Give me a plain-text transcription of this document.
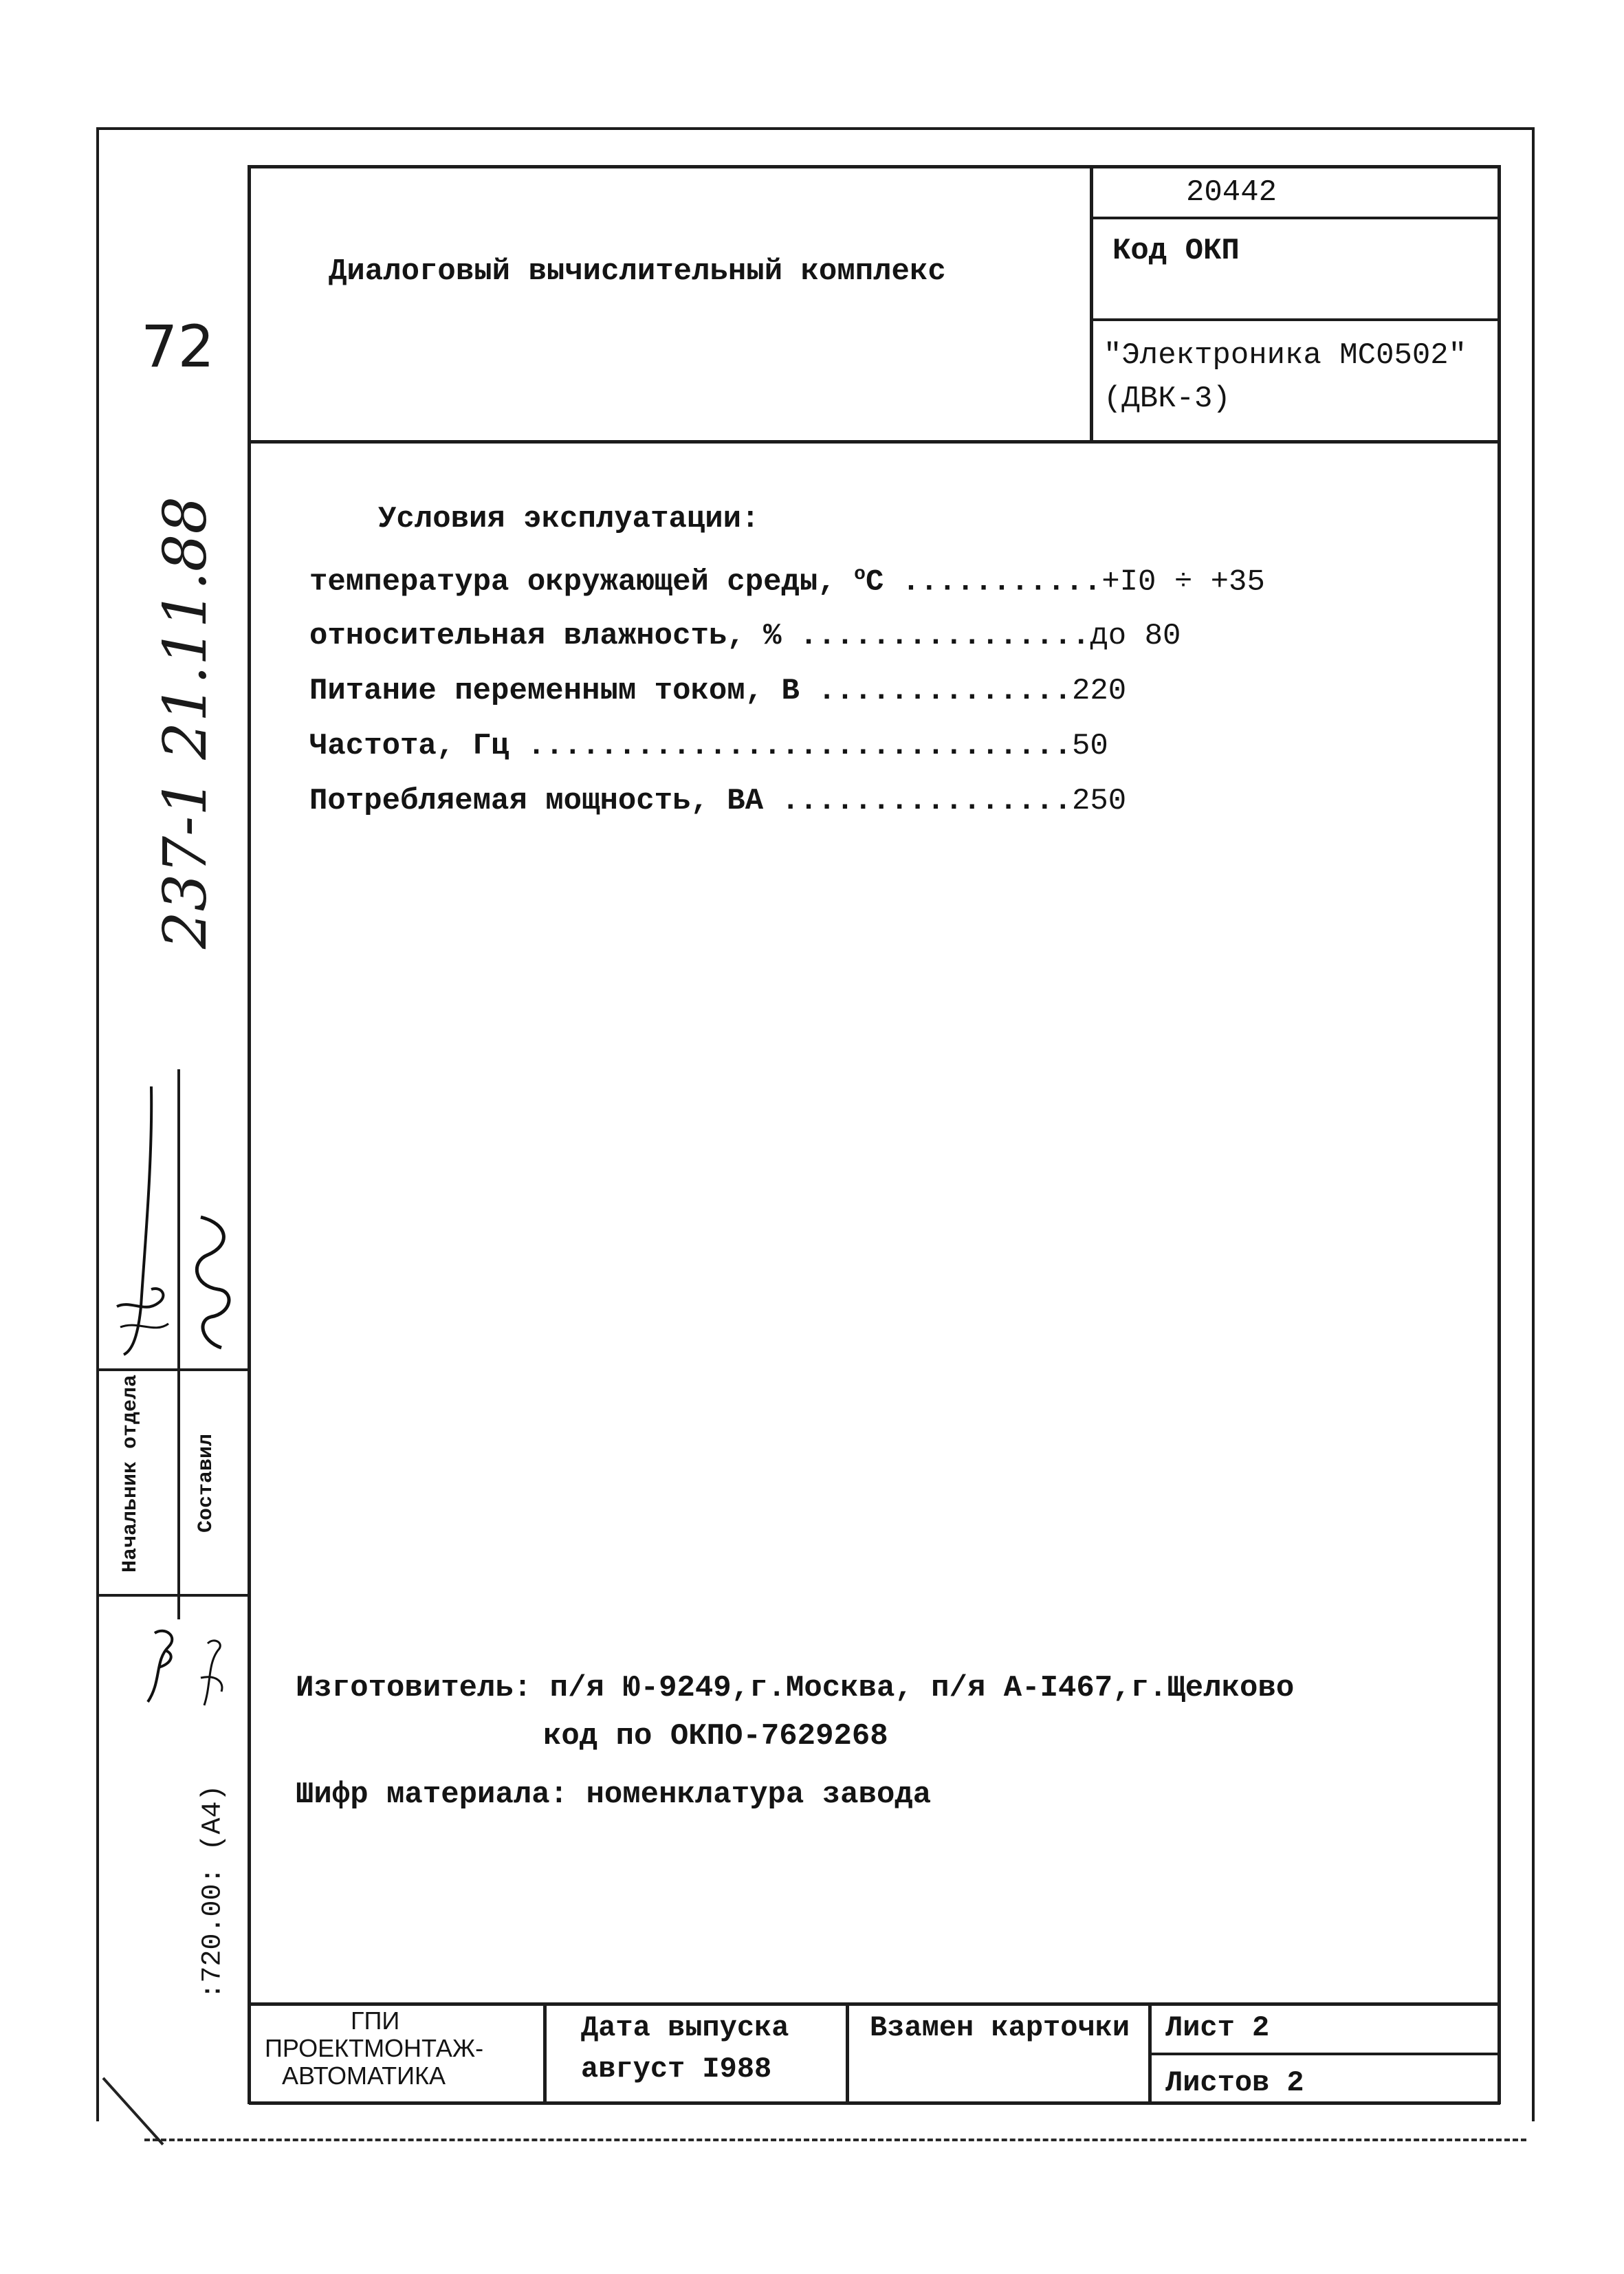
Диалоговый вычислительный комплекс
20442
Код ОКП
"Электроника МС0502"
(ДВК-3)
Условия эксплуатации:
температура окружающей среды, $^o$C ...........+I0 ÷ +35
относительная влажность, % ................до 80
Питание переменным током, В ..............220
Частота, Гц ..............................50
Потребляемая мощность, ВА ................250
Изготовитель: п/я Ю-9249,г.Москва, п/я А-I467,г.Щелково
код по ОКПО-7629268
Шифр материала: номенклатура завода
ГПИ
ПРОЕКТМОНТАЖ-
АВТОМАТИКА
Дата выпуска
август I988
Взамен карточки Лист 2
Листов 2
72
237-1 21.11.88
Начальник отдела	Составил
:720.00: (А4)
